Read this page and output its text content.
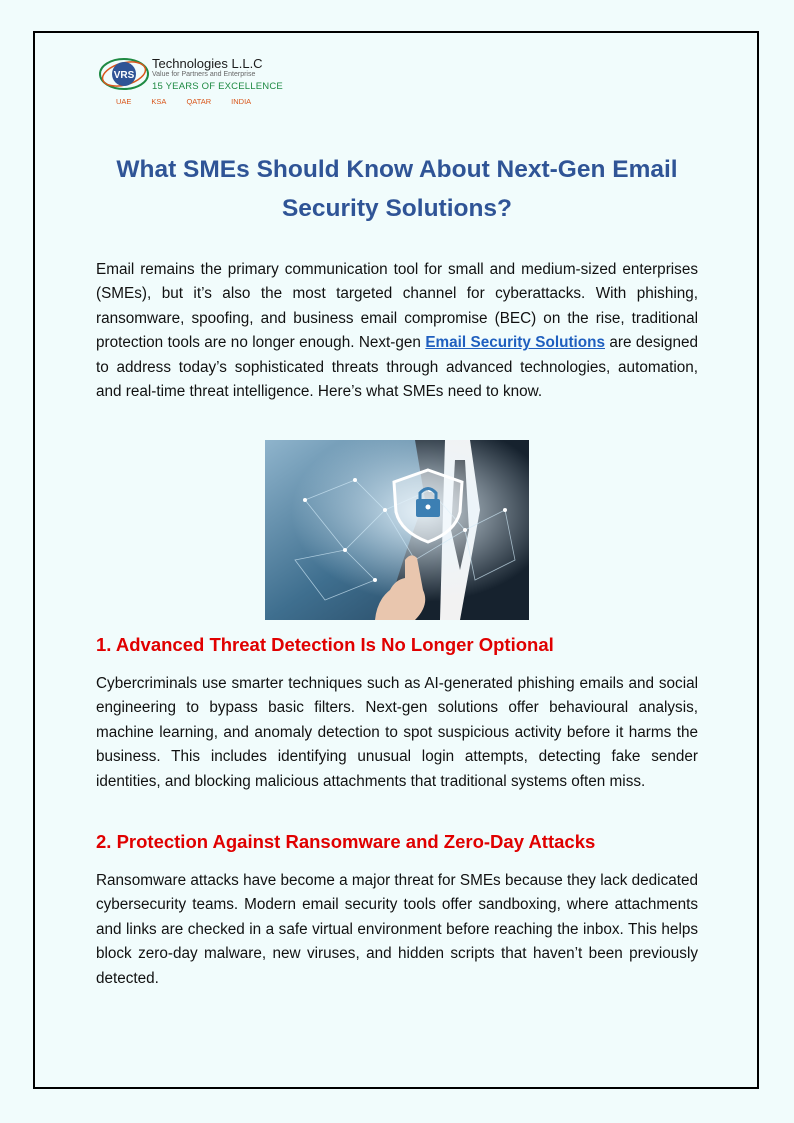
VRS
Technologies L.L.C
Value for Partners and Enterprise
15 YEARS OF EXCELLENCE
UAE	KSA	QATAR	INDIA
What SMEs Should Know About Next-Gen Email Security Solutions?

Email remains the primary communication tool for small and medium-sized enterprises (SMEs), but it’s also the most targeted channel for cyberattacks. With phishing, ransomware, spoofing, and business email compromise (BEC) on the rise, traditional protection tools are no longer enough. Next-gen Email Security Solutions are designed to address today’s sophisticated threats through advanced technologies, automation, and real-time threat intelligence. Here’s what SMEs need to know.

1. Advanced Threat Detection Is No Longer Optional

Cybercriminals use smarter techniques such as AI-generated phishing emails and social engineering to bypass basic filters. Next-gen solutions offer behavioural analysis, machine learning, and anomaly detection to spot suspicious activity before it harms the business. This includes identifying unusual login attempts, detecting fake sender identities, and blocking malicious attachments that traditional systems often miss.

2. Protection Against Ransomware and Zero-Day Attacks

Ransomware attacks have become a major threat for SMEs because they lack dedicated cybersecurity teams. Modern email security tools offer sandboxing, where attachments and links are checked in a safe virtual environment before reaching the inbox. This helps block zero-day malware, new viruses, and hidden scripts that haven’t been previously detected.
